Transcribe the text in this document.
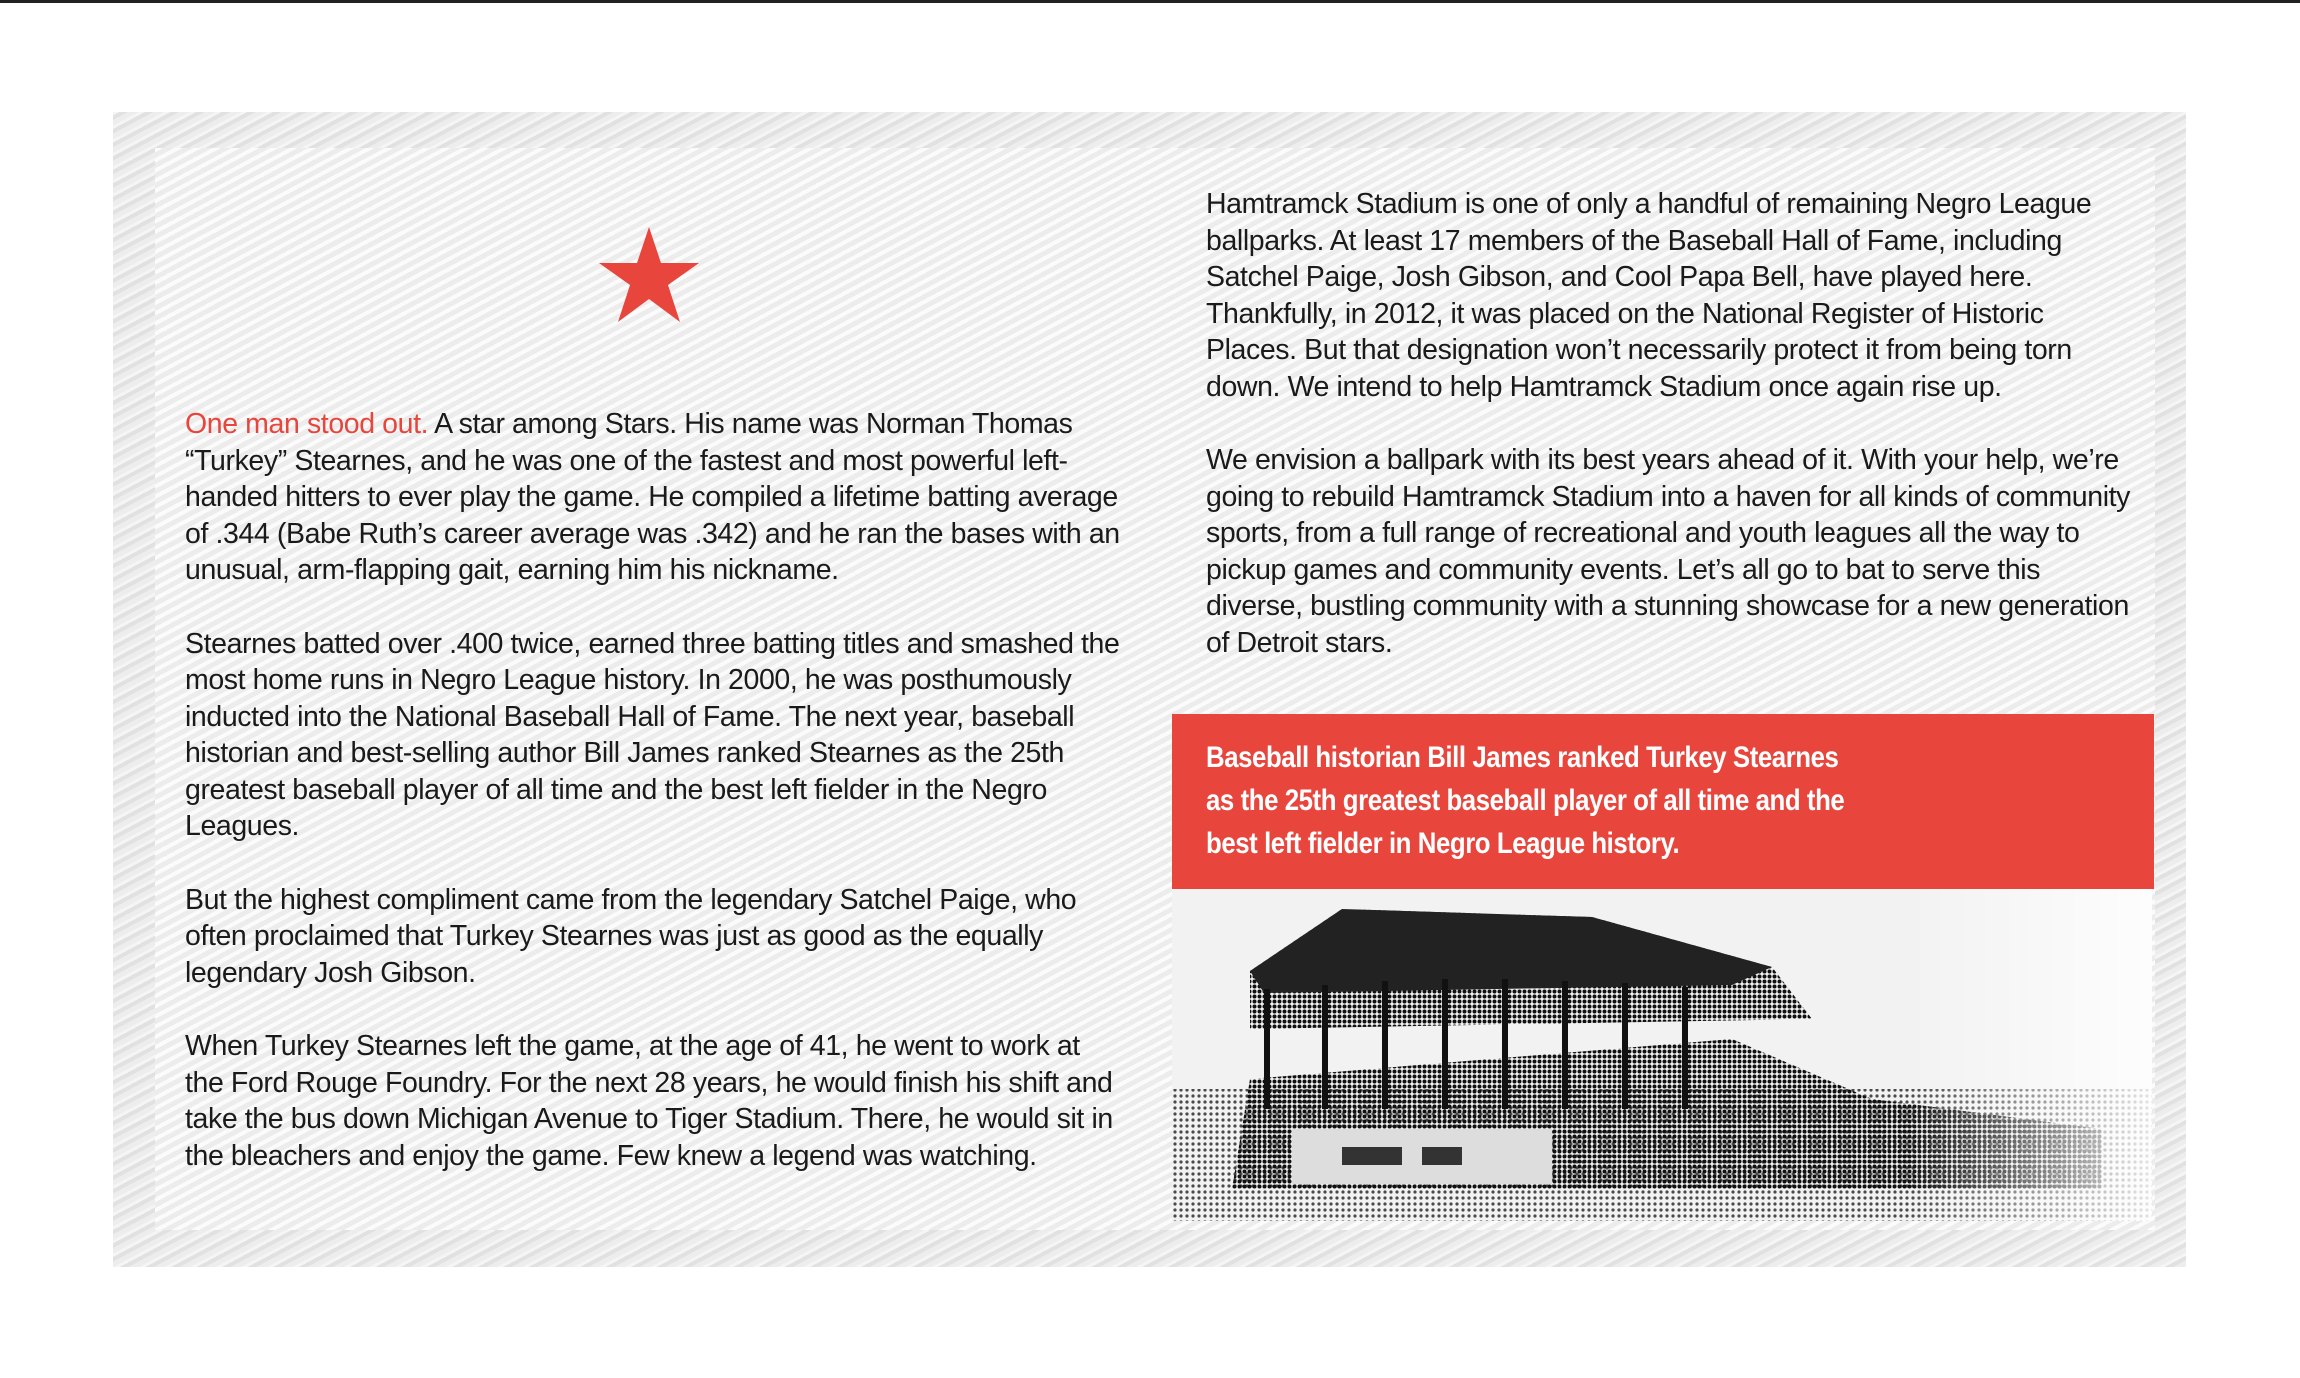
One man stood out. A star among Stars. His name was Norman Thomas “Turkey” Stearnes, and he was one of the fastest and most powerful left-handed hitters to ever play the game. He compiled a lifetime batting average of .344 (Babe Ruth’s career average was .342) and he ran the bases with an unusual, arm-flapping gait, earning him his nickname.

Stearnes batted over .400 twice, earned three batting titles and smashed the most home runs in Negro League history. In 2000, he was posthumously inducted into the National Baseball Hall of Fame. The next year, baseball historian and best-selling author Bill James ranked Stearnes as the 25th greatest baseball player of all time and the best left fielder in the Negro Leagues.

But the highest compliment came from the legendary Satchel Paige, who often proclaimed that Turkey Stearnes was just as good as the equally legendary Josh Gibson.

When Turkey Stearnes left the game, at the age of 41, he went to work at the Ford Rouge Foundry. For the next 28 years, he would finish his shift and take the bus down Michigan Avenue to Tiger Stadium. There, he would sit in the bleachers and enjoy the game. Few knew a legend was watching.

Hamtramck Stadium is one of only a handful of remaining Negro League ballparks. At least 17 members of the Baseball Hall of Fame, including Satchel Paige, Josh Gibson, and Cool Papa Bell, have played here. Thankfully, in 2012, it was placed on the National Register of Historic Places. But that designation won’t necessarily protect it from being torn down. We intend to help Hamtramck Stadium once again rise up.

We envision a ballpark with its best years ahead of it. With your help, we’re going to rebuild Hamtramck Stadium into a haven for all kinds of community sports, from a full range of recreational and youth leagues all the way to pickup games and community events. Let’s all go to bat to serve this diverse, bustling community with a stunning showcase for a new generation of Detroit stars.

Baseball historian Bill James ranked Turkey Stearnes
as the 25th greatest baseball player of all time and the
best left fielder in Negro League history.
